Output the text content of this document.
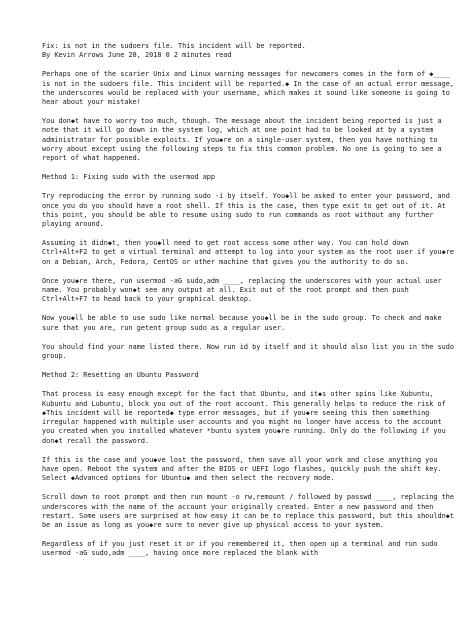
Fix: is not in the sudoers file. This incident will be reported.

By Kevin Arrows June 28, 2018 0 2 minutes read

Perhaps one of the scarier Unix and Linux warning messages for newcomers comes in the form of ◆____ is not in the sudoers file. This incident will be reported.◆ In the case of an actual error message, the underscores would be replaced with your username, which makes it sound like someone is going to hear about your mistake!

You don◆t have to worry too much, though. The message about the incident being reported is just a note that it will go down in the system log, which at one point had to be looked at by a system administrator for possible exploits. If you◆re on a single-user system, then you have nothing to worry about except using the following steps to fix this common problem. No one is going to see a report of what happened.

Method 1: Fixing sudo with the usermod app

Try reproducing the error by running sudo -i by itself. You◆ll be asked to enter your password, and once you do you should have a root shell. If this is the case, then type exit to get out of it. At this point, you should be able to resume using sudo to run commands as root without any further playing around.

Assuming it didn◆t, then you◆ll need to get root access some other way. You can hold down Ctrl+Alt+F2 to get a virtual terminal and attempt to log into your system as the root user if you◆re on a Debian, Arch, Fedora, CentOS or other machine that gives you the authority to do so.

Once you◆re there, run usermod -aG sudo,adm ____, replacing the underscores with your actual user name. You probably won◆t see any output at all. Exit out of the root prompt and then push Ctrl+Alt+F7 to head back to your graphical desktop.

Now you◆ll be able to use sudo like normal because you◆ll be in the sudo group. To check and make sure that you are, run getent group sudo as a regular user.

You should find your name listed there. Now run id by itself and it should also list you in the sudo group.

Method 2: Resetting an Ubuntu Password

That process is easy enough except for the fact that Ubuntu, and it◆s other spins like Xubuntu, Kubuntu and Lubuntu, block you out of the root account. This generally helps to reduce the risk of ◆This incident will be reported◆ type error messages, but if you◆re seeing this then something irregular happened with multiple user accounts and you might no longer have access to the account you created when you installed whatever *buntu system you◆re running. Only do the following if you don◆t recall the password.

If this is the case and you◆ve lost the password, then save all your work and close anything you have open. Reboot the system and after the BIOS or UEFI logo flashes, quickly push the shift key. Select ◆Advanced options for Ubuntu◆ and then select the recovery mode.

Scroll down to root prompt and then run mount -o rw,remount / followed by passwd ____, replacing the underscores with the name of the account your originally created. Enter a new password and then restart. Some users are surprised at how easy it can be to replace this password, but this shouldn◆t be an issue as long as you◆re sure to never give up physical access to your system.

Regardless of if you just reset it or if you remembered it, then open up a terminal and run sudo usermod -aG sudo,adm ____, having once more replaced the blank with
